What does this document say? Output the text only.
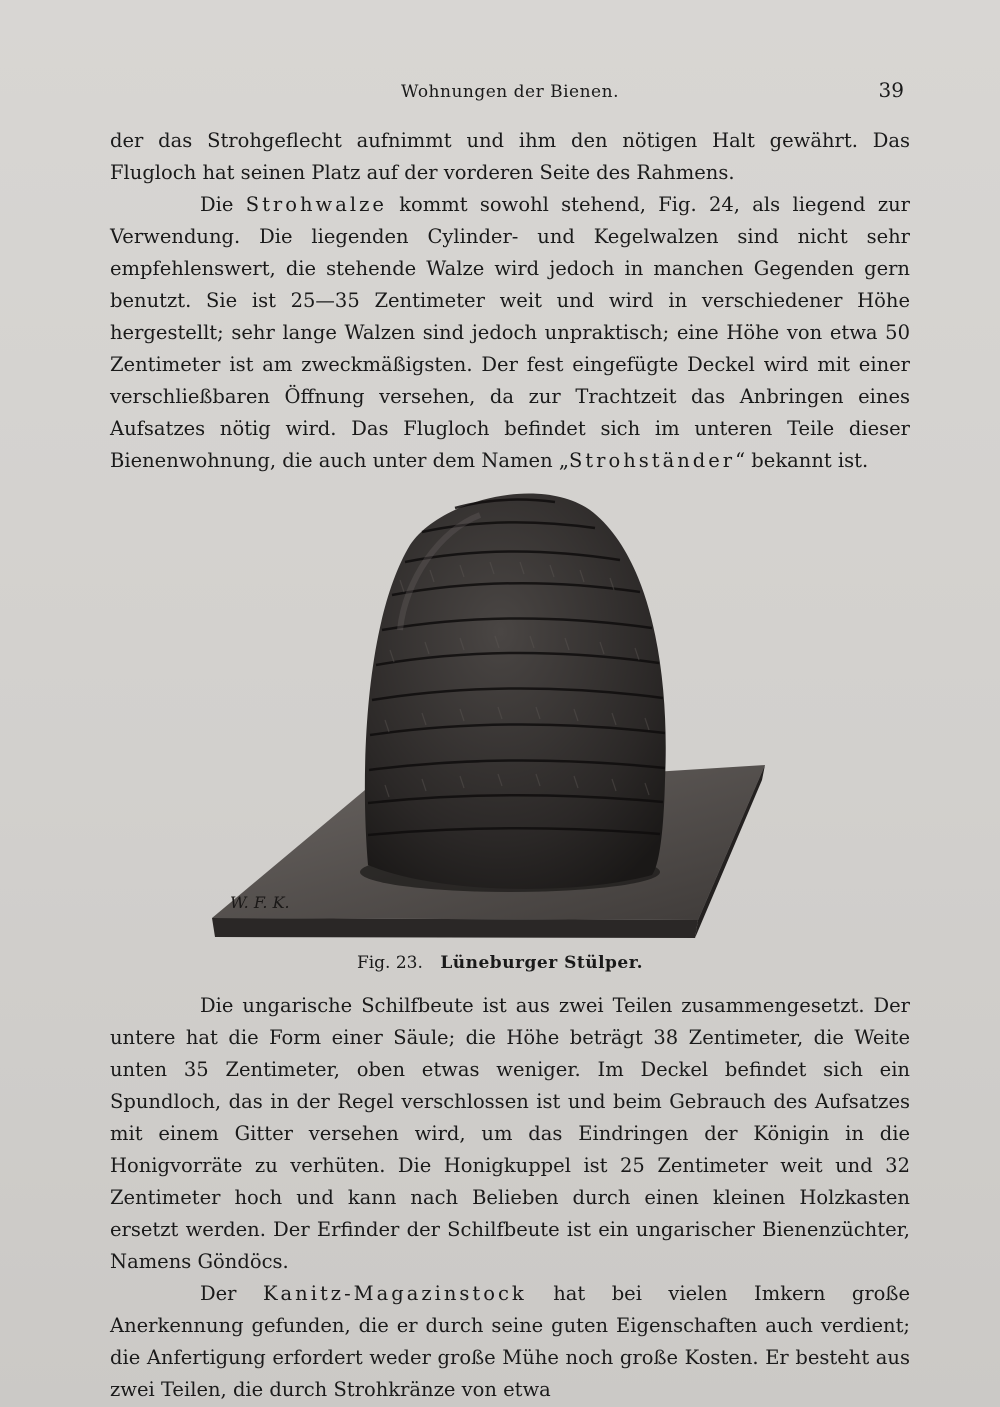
Wohnungen der Bienen.	39

der das Strohgeflecht aufnimmt und ihm den nötigen Halt gewährt. Das Flugloch hat seinen Platz auf der vorderen Seite des Rahmens.

Die Strohwalze kommt sowohl stehend, Fig. 24, als liegend zur Verwendung. Die liegenden Cylinder- und Kegelwalzen sind nicht sehr empfehlenswert, die stehende Walze wird jedoch in manchen Gegenden gern benutzt. Sie ist 25—35 Zentimeter weit und wird in verschiedener Höhe hergestellt; sehr lange Walzen sind jedoch unpraktisch; eine Höhe von etwa 50 Zentimeter ist am zweckmäßigsten. Der fest eingefügte Deckel wird mit einer verschließbaren Öffnung versehen, da zur Trachtzeit das Anbringen eines Aufsatzes nötig wird. Das Flugloch befindet sich im unteren Teile dieser Bienenwohnung, die auch unter dem Namen „Strohständer“ bekannt ist.

W. F. K.
Fig. 23. Lüneburger Stülper.

Die ungarische Schilfbeute ist aus zwei Teilen zusammengesetzt. Der untere hat die Form einer Säule; die Höhe beträgt 38 Zentimeter, die Weite unten 35 Zentimeter, oben etwas weniger. Im Deckel befindet sich ein Spundloch, das in der Regel verschlossen ist und beim Gebrauch des Aufsatzes mit einem Gitter versehen wird, um das Eindringen der Königin in die Honigvorräte zu verhüten. Die Honigkuppel ist 25 Zentimeter weit und 32 Zentimeter hoch und kann nach Belieben durch einen kleinen Holzkasten ersetzt werden. Der Erfinder der Schilfbeute ist ein ungarischer Bienenzüchter, Namens Göndöcs.

Der Kanitz-Magazinstock hat bei vielen Imkern große Anerkennung gefunden, die er durch seine guten Eigenschaften auch verdient; die Anfertigung erfordert weder große Mühe noch große Kosten. Er besteht aus zwei Teilen, die durch Strohkränze von etwa
